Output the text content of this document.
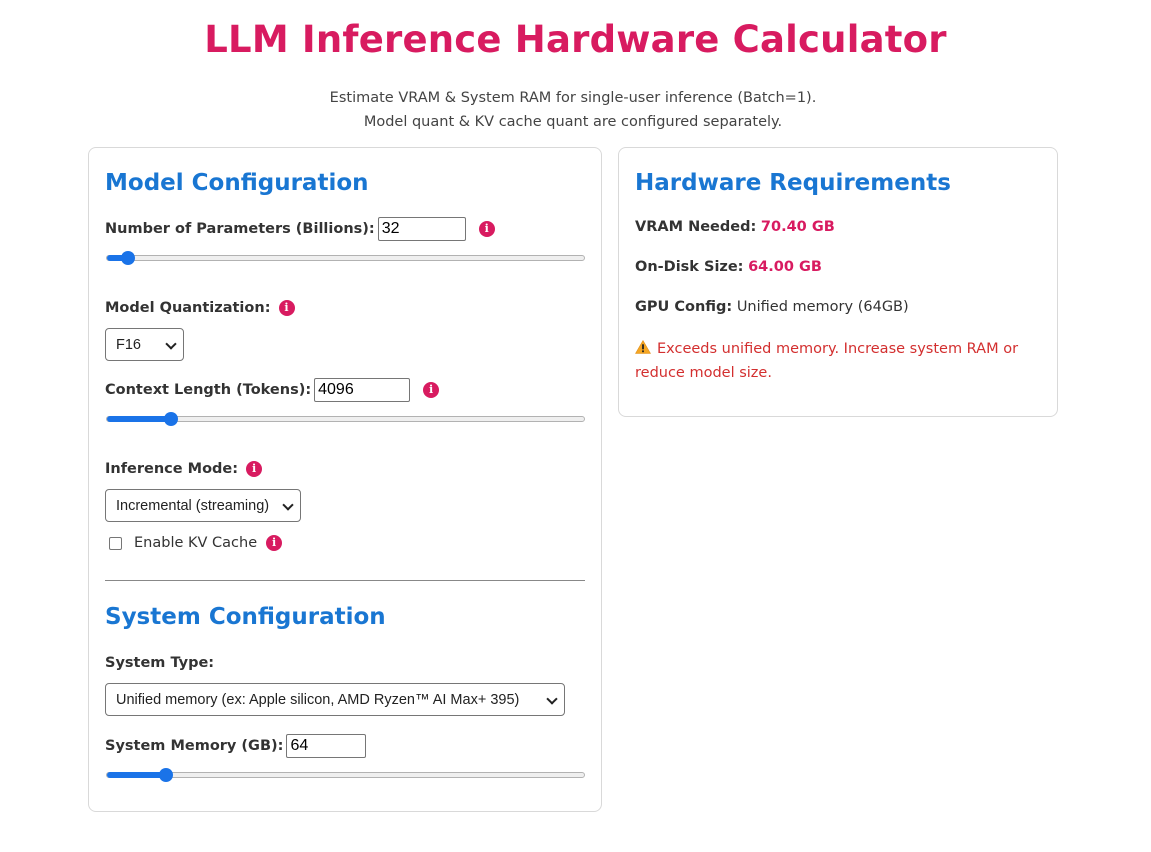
LLM Inference Hardware Calculator
Estimate VRAM & System RAM for single-user inference (Batch=1).
Model quant & KV cache quant are configured separately.
Model Configuration
Number of Parameters (Billions):
32	i
Model Quantization:	i
F16
Context Length (Tokens):
4096	i
Inference Mode:	i
Incremental (streaming)
Enable KV Cache	i
System Configuration
System Type:
Unified memory (ex: Apple silicon, AMD Ryzen™ AI Max+ 395)
System Memory (GB):
64
Hardware Requirements
VRAM Needed: 70.40 GB
On-Disk Size: 64.00 GB
GPU Config: Unified memory (64GB)
Exceeds unified memory. Increase system RAM or reduce model size.
